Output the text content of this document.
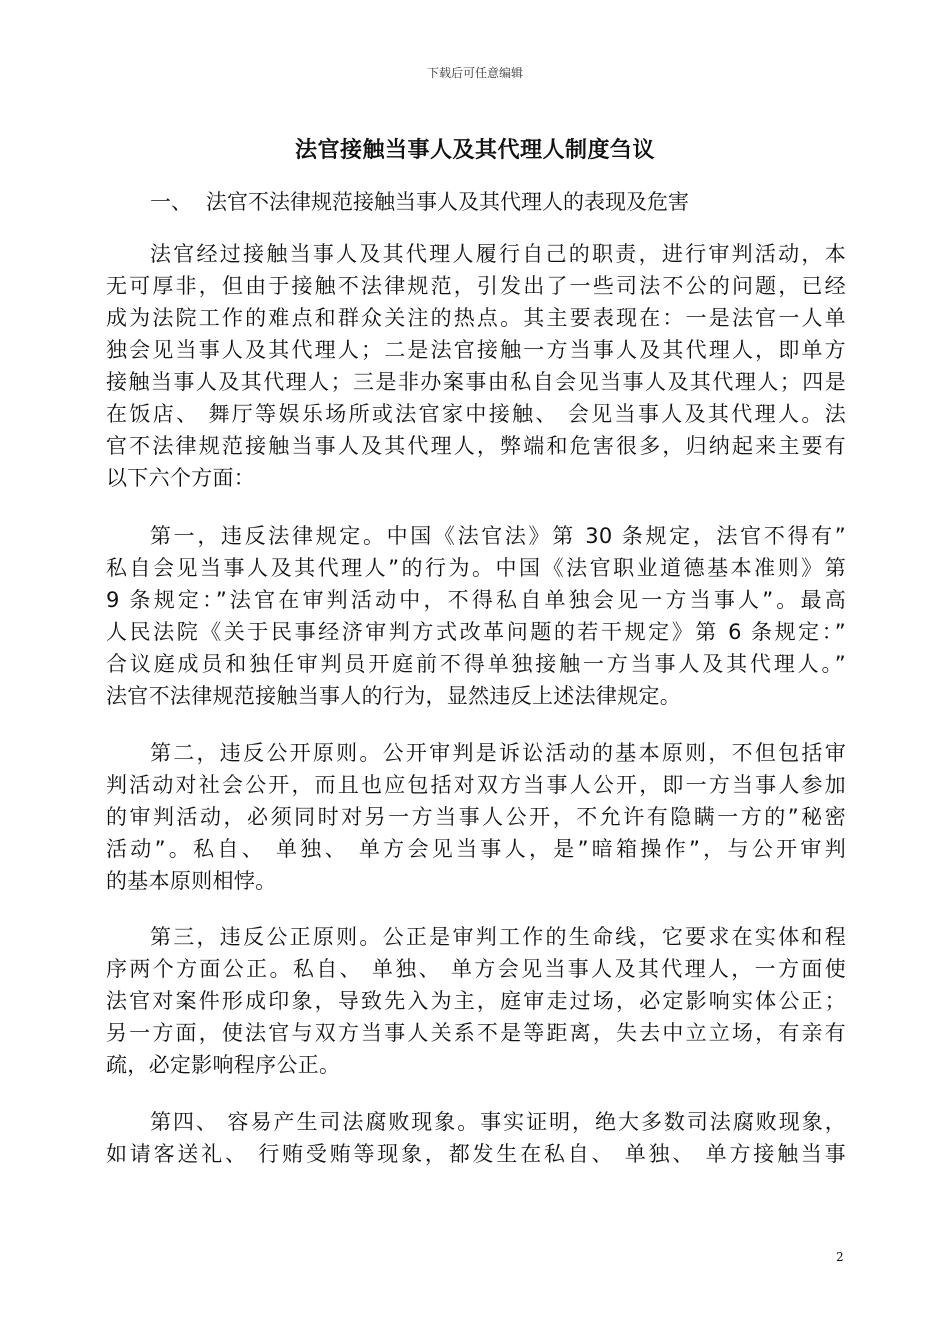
下载后可任意编辑
法官接触当事人及其代理人制度刍议
一、 法官不法律规范接触当事人及其代理人的表现及危害
法官经过接触当事人及其代理人履行自己的职责，进行审判活动，本
无可厚非，但由于接触不法律规范，引发出了一些司法不公的问题，已经
成为法院工作的难点和群众关注的热点。其主要表现在：一是法官一人单
独会见当事人及其代理人；二是法官接触一方当事人及其代理人，即单方
接触当事人及其代理人；三是非办案事由私自会见当事人及其代理人；四是
在饭店、 舞厅等娱乐场所或法官家中接触、 会见当事人及其代理人。法
官不法律规范接触当事人及其代理人，弊端和危害很多，归纳起来主要有
以下六个方面：
第一，违反法律规定。中国《法官法》第 30 条规定，法官不得有”
私自会见当事人及其代理人”的行为。中国《法官职业道德基本准则》第
9 条规定：”法官在审判活动中，不得私自单独会见一方当事人”。最高
人民法院《关于民事经济审判方式改革问题的若干规定》第 6 条规定：”
合议庭成员和独任审判员开庭前不得单独接触一方当事人及其代理人。”
法官不法律规范接触当事人的行为，显然违反上述法律规定。
第二，违反公开原则。公开审判是诉讼活动的基本原则，不但包括审
判活动对社会公开，而且也应包括对双方当事人公开，即一方当事人参加
的审判活动，必须同时对另一方当事人公开，不允许有隐瞒一方的”秘密
活动”。私自、 单独、 单方会见当事人，是”暗箱操作”，与公开审判
的基本原则相悖。
第三，违反公正原则。公正是审判工作的生命线，它要求在实体和程
序两个方面公正。私自、 单独、 单方会见当事人及其代理人，一方面使
法官对案件形成印象，导致先入为主，庭审走过场，必定影响实体公正；
另一方面，使法官与双方当事人关系不是等距离，失去中立立场，有亲有
疏，必定影响程序公正。
第四、 容易产生司法腐败现象。事实证明，绝大多数司法腐败现象，
如请客送礼、 行贿受贿等现象，都发生在私自、 单独、 单方接触当事
2
